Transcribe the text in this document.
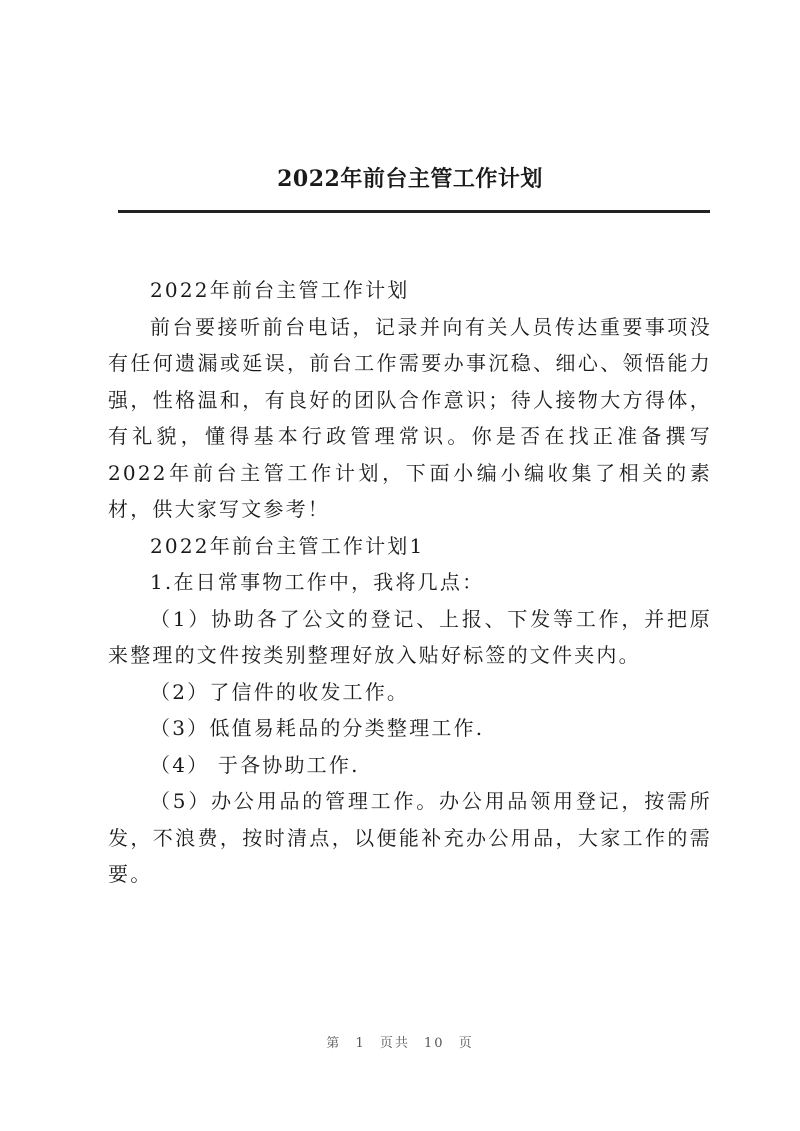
2022年前台主管工作计划

2022年前台主管工作计划

前台要接听前台电话，记录并向有关人员传达重要事项没有任何遗漏或延误，前台工作需要办事沉稳、细心、领悟能力强，性格温和，有良好的团队合作意识；待人接物大方得体，有礼貌，懂得基本行政管理常识。你是否在找正准备撰写2022年前台主管工作计划，下面小编小编收集了相关的素材，供大家写文参考！

2022年前台主管工作计划1

1.在日常事物工作中，我将几点：

（1）协助各了公文的登记、上报、下发等工作，并把原来整理的文件按类别整理好放入贴好标签的文件夹内。

（2）了信件的收发工作。

（3）低值易耗品的分类整理工作.

（4） 于各协助工作.

（5）办公用品的管理工作。办公用品领用登记，按需所发，不浪费，按时清点，以便能补充办公用品，大家工作的需要。

第 1 页共 10 页
